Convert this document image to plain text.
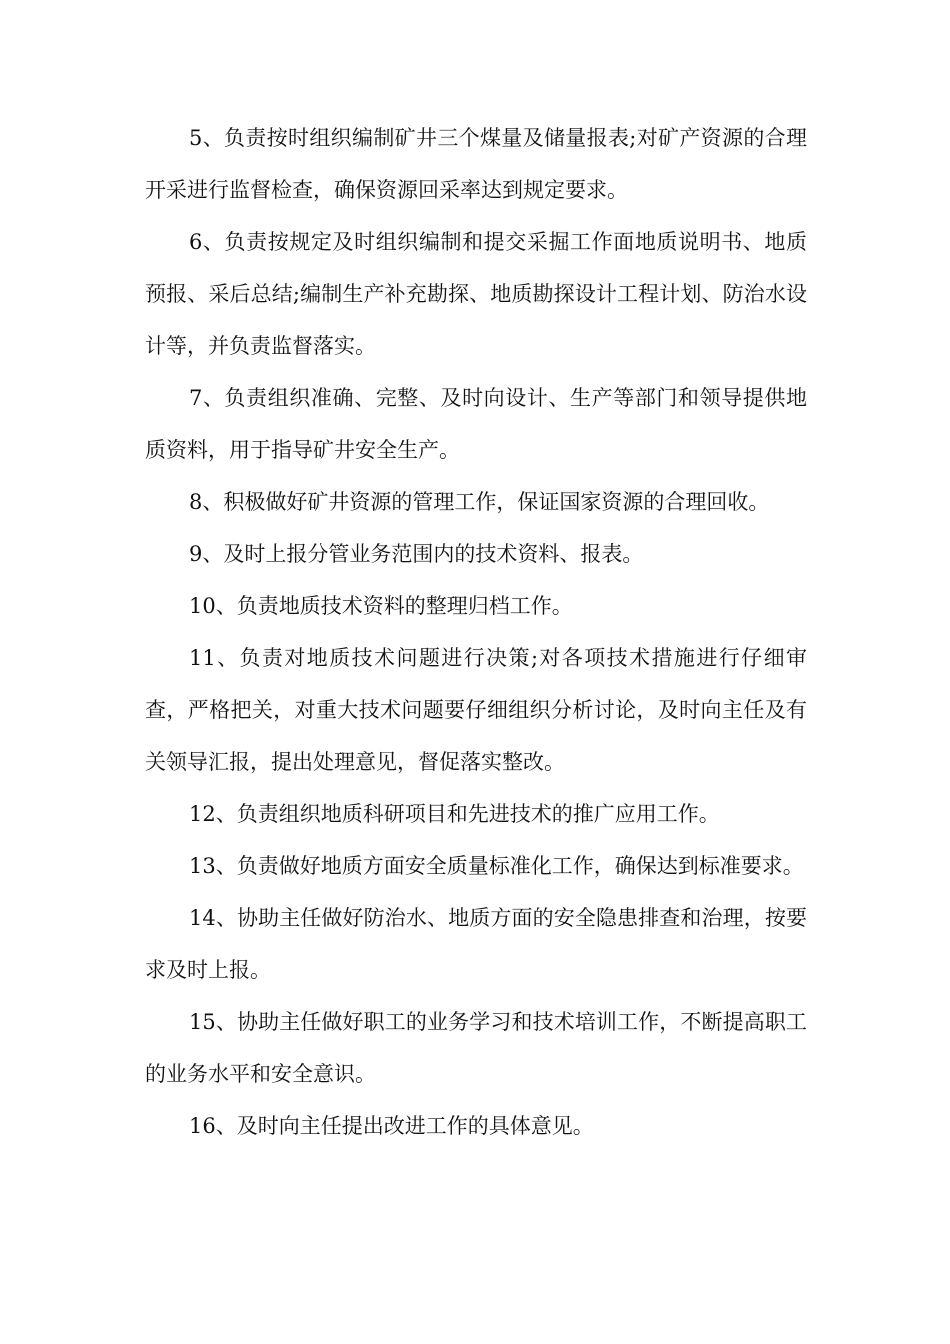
5、负责按时组织编制矿井三个煤量及储量报表;对矿产资源的合理开采进行监督检查，确保资源回采率达到规定要求。

6、负责按规定及时组织编制和提交采掘工作面地质说明书、地质预报、采后总结;编制生产补充勘探、地质勘探设计工程计划、防治水设计等，并负责监督落实。

7、负责组织准确、完整、及时向设计、生产等部门和领导提供地质资料，用于指导矿井安全生产。

8、积极做好矿井资源的管理工作，保证国家资源的合理回收。

9、及时上报分管业务范围内的技术资料、报表。

10、负责地质技术资料的整理归档工作。

11、负责对地质技术问题进行决策;对各项技术措施进行仔细审查，严格把关，对重大技术问题要仔细组织分析讨论，及时向主任及有关领导汇报，提出处理意见，督促落实整改。

12、负责组织地质科研项目和先进技术的推广应用工作。

13、负责做好地质方面安全质量标准化工作，确保达到标准要求。

14、协助主任做好防治水、地质方面的安全隐患排查和治理，按要求及时上报。

15、协助主任做好职工的业务学习和技术培训工作，不断提高职工的业务水平和安全意识。

16、及时向主任提出改进工作的具体意见。
